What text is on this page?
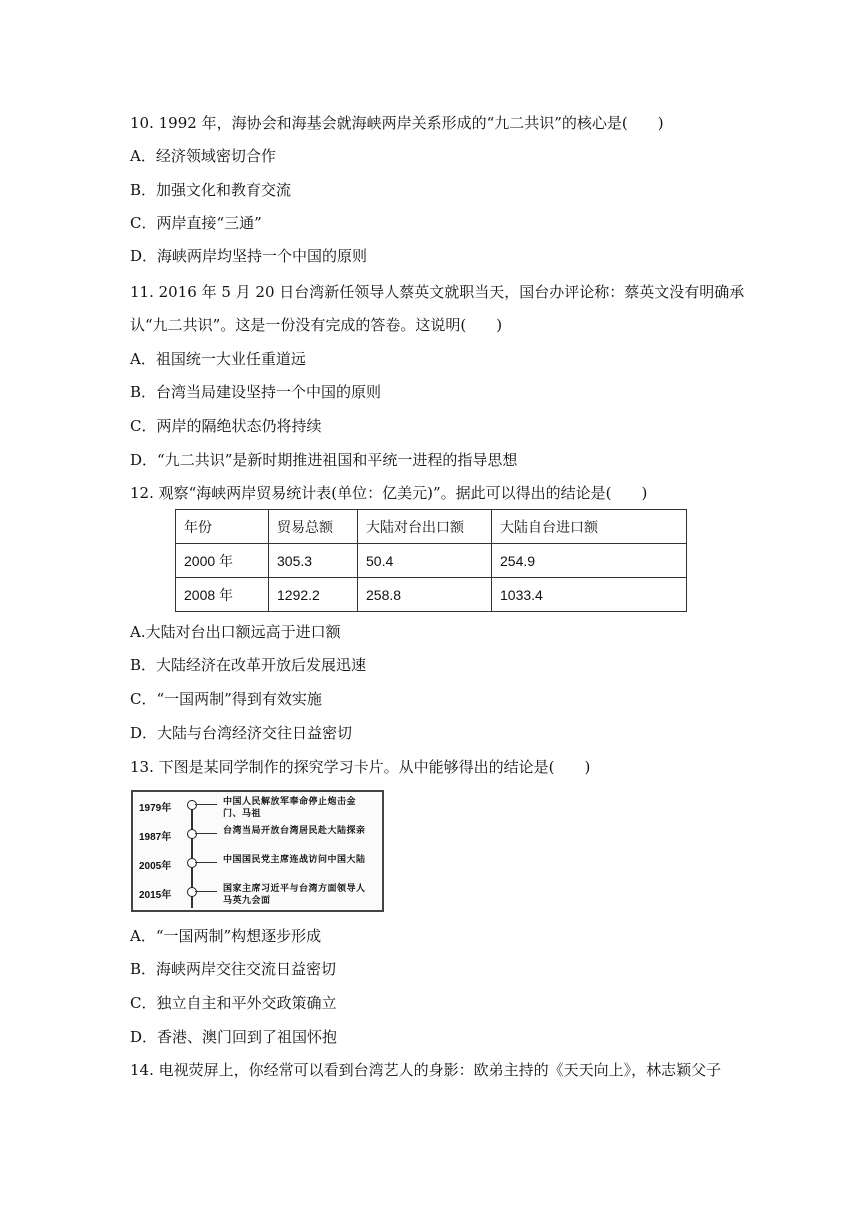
10. 1992 年，海协会和海基会就海峡两岸关系形成的“九二共识”的核心是(　　)
A．经济领域密切合作
B．加强文化和教育交流
C．两岸直接“三通”
D．海峡两岸均坚持一个中国的原则
11. 2016 年 5 月 20 日台湾新任领导人蔡英文就职当天，国台办评论称：蔡英文没有明确承
认“九二共识”。这是一份没有完成的答卷。这说明(　　)
A．祖国统一大业任重道远
B．台湾当局建设坚持一个中国的原则
C．两岸的隔绝状态仍将持续
D．“九二共识”是新时期推进祖国和平统一进程的指导思想
12. 观察“海峡两岸贸易统计表(单位：亿美元)”。据此可以得出的结论是(　　)
年份	贸易总额	大陆对台出口额	大陆自台进口额
2000 年	305.3	50.4	254.9
2008 年	1292.2	258.8	1033.4
A.大陆对台出口额远高于进口额
B．大陆经济在改革开放后发展迅速
C．“一国两制”得到有效实施
D．大陆与台湾经济交往日益密切
13. 下图是某同学制作的探究学习卡片。从中能够得出的结论是(　　)
1979年
中国人民解放军奉命停止炮击金门、马祖
1987年
台湾当局开放台湾居民赴大陆探亲
2005年
中国国民党主席连战访问中国大陆
2015年
国家主席习近平与台湾方面领导人马英九会面
A．“一国两制”构想逐步形成
B．海峡两岸交往交流日益密切
C．独立自主和平外交政策确立
D．香港、澳门回到了祖国怀抱
14. 电视荧屏上，你经常可以看到台湾艺人的身影：欧弟主持的《天天向上》，林志颖父子
